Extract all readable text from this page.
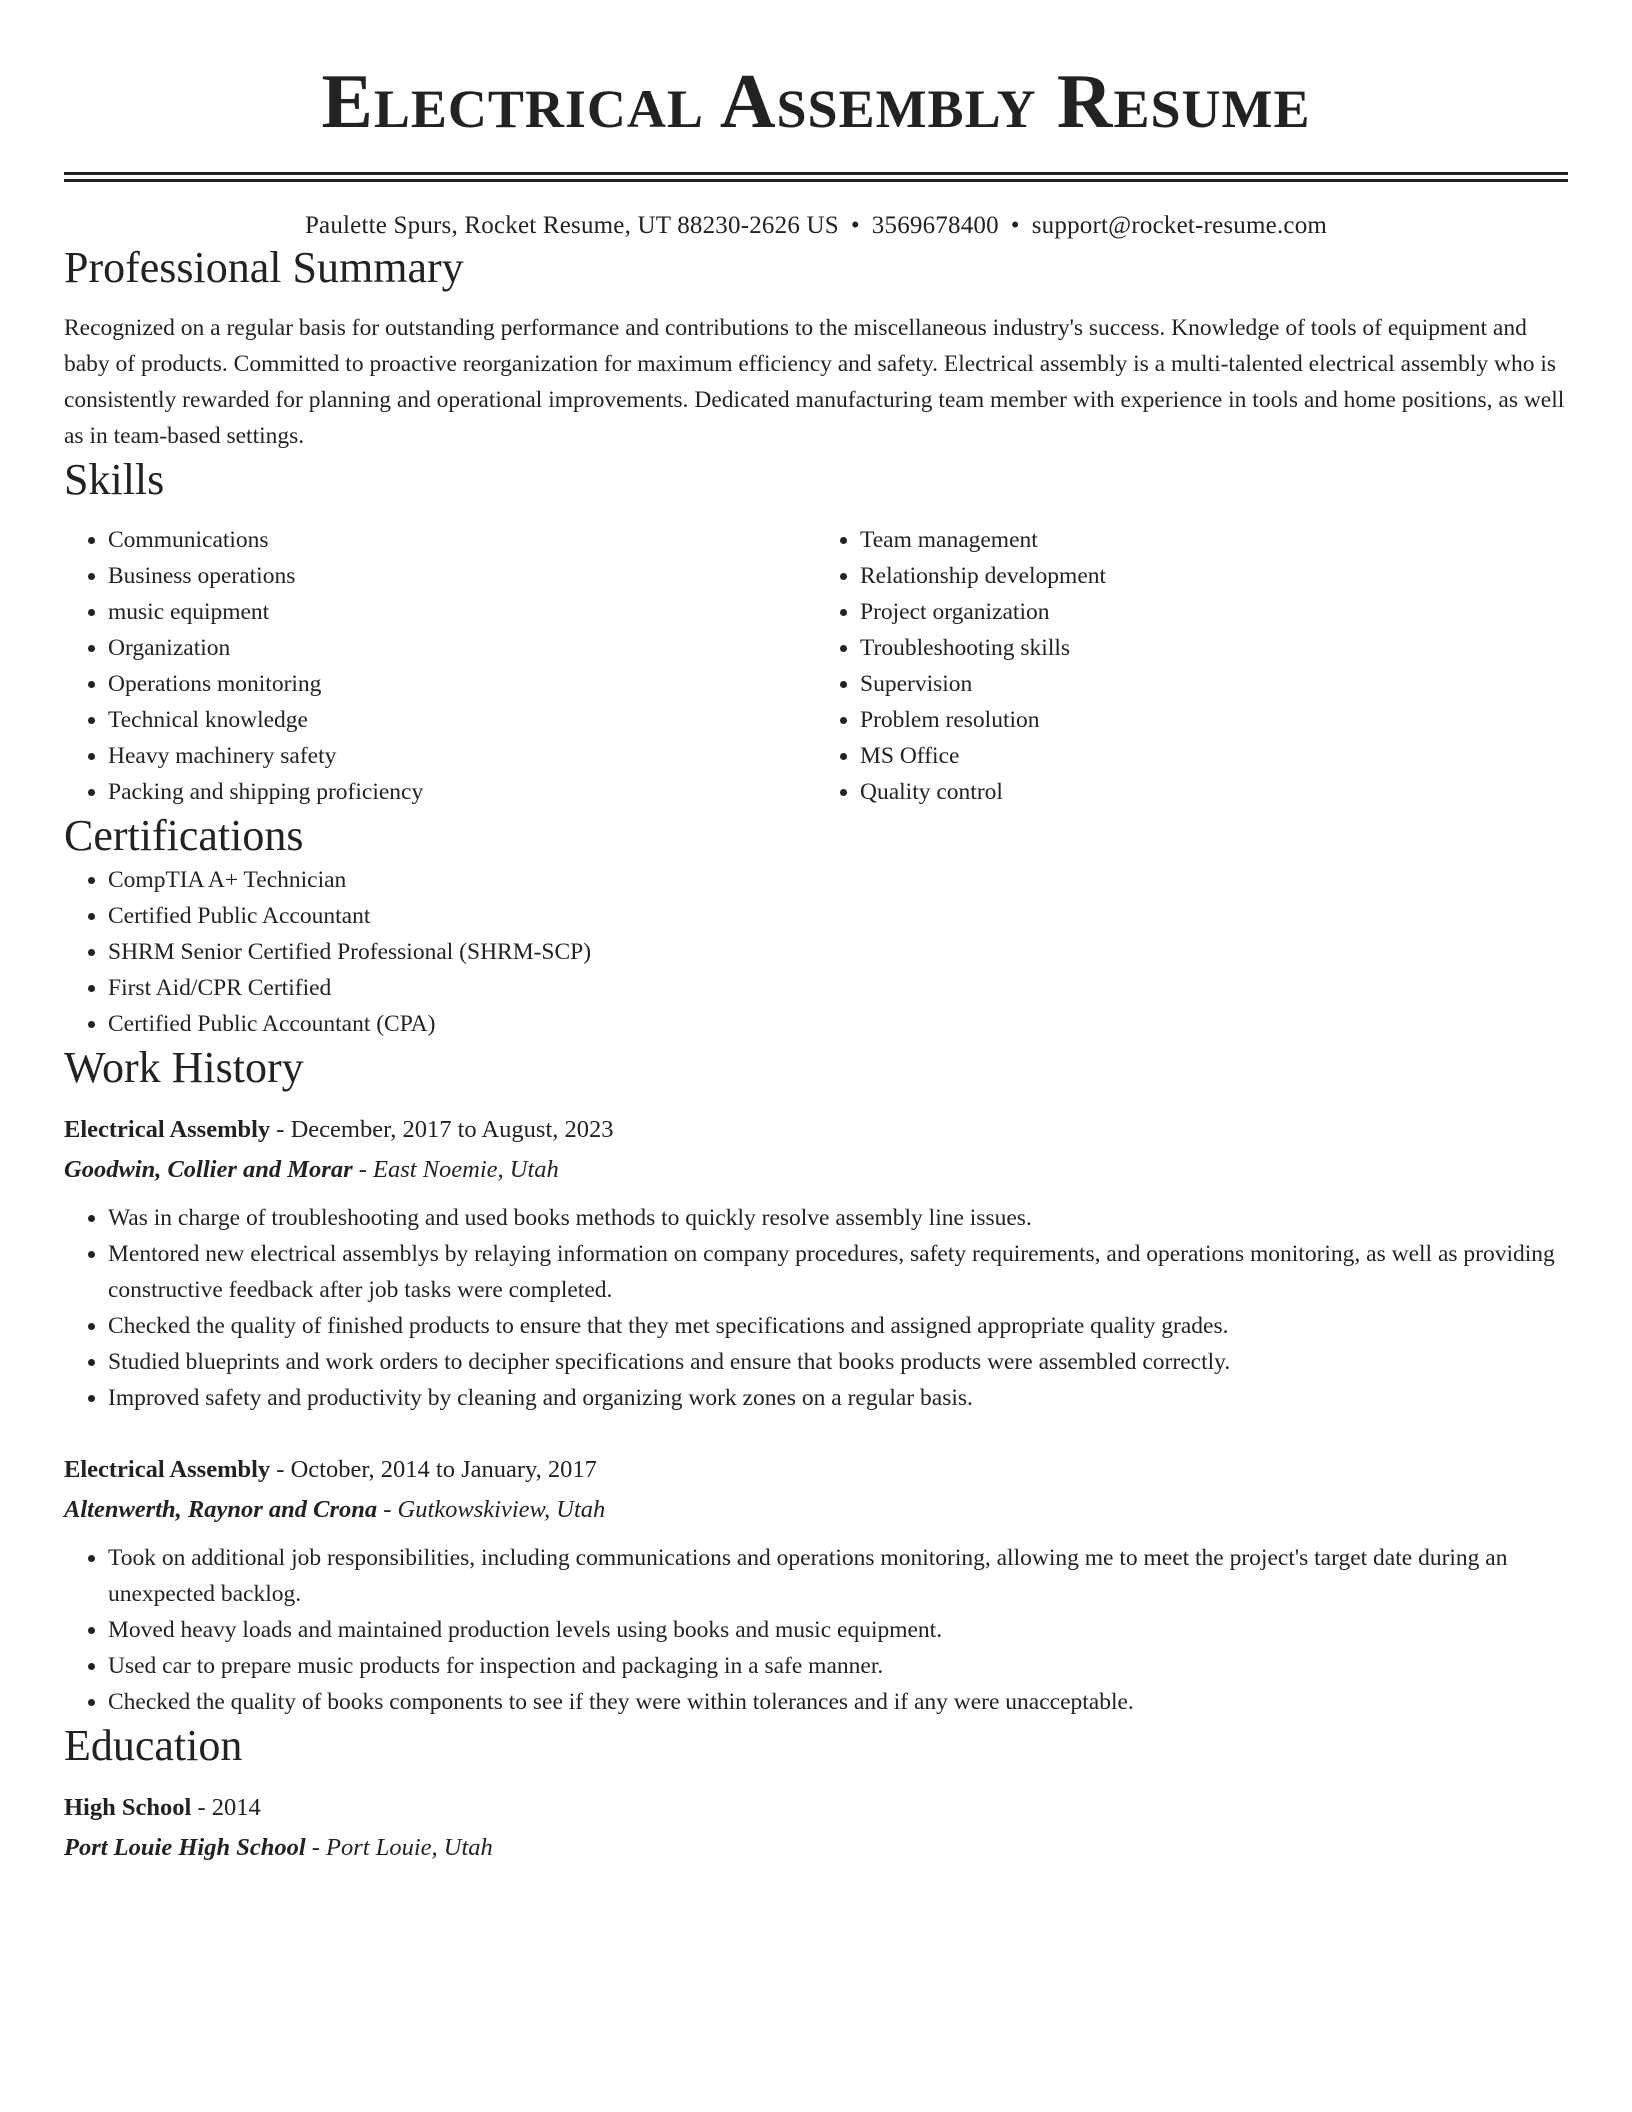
Electrical Assembly Resume
Paulette Spurs, Rocket Resume, UT 88230-2626 US • 3569678400 • support@rocket-resume.com
Professional Summary

Recognized on a regular basis for outstanding performance and contributions to the miscellaneous industry's success. Knowledge of tools of equipment and baby of products. Committed to proactive reorganization for maximum efficiency and safety. Electrical assembly is a multi-talented electrical assembly who is consistently rewarded for planning and operational improvements. Dedicated manufacturing team member with experience in tools and home positions, as well as in team-based settings.

Skills
• Communications
• Business operations
• music equipment
• Organization
• Operations monitoring
• Technical knowledge
• Heavy machinery safety
• Packing and shipping proficiency
• Team management
• Relationship development
• Project organization
• Troubleshooting skills
• Supervision
• Problem resolution
• MS Office
• Quality control
Certifications
• CompTIA A+ Technician
• Certified Public Accountant
• SHRM Senior Certified Professional (SHRM-SCP)
• First Aid/CPR Certified
• Certified Public Accountant (CPA)
Work History
Electrical Assembly - December, 2017 to August, 2023
Goodwin, Collier and Morar - East Noemie, Utah
• Was in charge of troubleshooting and used books methods to quickly resolve assembly line issues.
• Mentored new electrical assemblys by relaying information on company procedures, safety requirements, and operations monitoring, as well as providing constructive feedback after job tasks were completed.
• Checked the quality of finished products to ensure that they met specifications and assigned appropriate quality grades.
• Studied blueprints and work orders to decipher specifications and ensure that books products were assembled correctly.
• Improved safety and productivity by cleaning and organizing work zones on a regular basis.
Electrical Assembly - October, 2014 to January, 2017
Altenwerth, Raynor and Crona - Gutkowskiview, Utah
• Took on additional job responsibilities, including communications and operations monitoring, allowing me to meet the project's target date during an unexpected backlog.
• Moved heavy loads and maintained production levels using books and music equipment.
• Used car to prepare music products for inspection and packaging in a safe manner.
• Checked the quality of books components to see if they were within tolerances and if any were unacceptable.
Education
High School - 2014
Port Louie High School - Port Louie, Utah
